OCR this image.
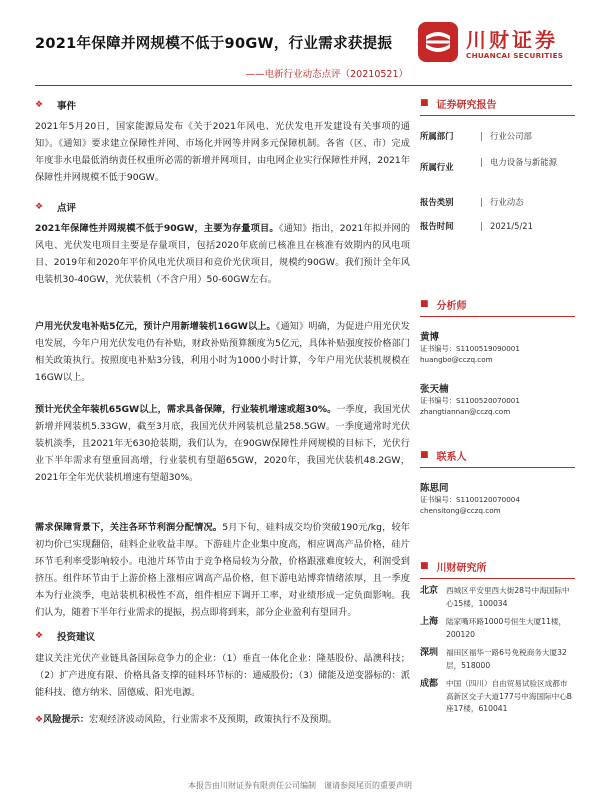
2021年保障并网规模不低于90GW，行业需求获提振	川财证券
CHUANCAI SECURITIES
——电新行业动态点评（20210521）
❖	事件

2021年5月20日，国家能源局发布《关于2021年风电、光伏发电开发建设有关事项的通知》。《通知》要求建立保障性并网、市场化并网等并网多元保障机制。各省（区、市）完成年度非水电最低消纳责任权重所必需的新增并网项目，由电网企业实行保障性并网，2021年保障性并网规模不低于90GW。

❖	点评

2021年保障性并网规模不低于90GW，主要为存量项目。《通知》指出，2021年拟并网的风电、光伏发电项目主要是存量项目，包括2020年底前已核准且在核准有效期内的风电项目、2019年和2020年平价风电光伏项目和竞价光伏项目，规模约90GW。我们预计全年风电装机30-40GW，光伏装机（不含户用）50-60GW左右。

户用光伏发电补贴5亿元，预计户用新增装机16GW以上。《通知》明确，为促进户用光伏发电发展，今年户用光伏发电仍有补贴，财政补贴预算额度为5亿元，具体补贴强度按价格部门相关政策执行。按照度电补贴3分钱，利用小时为1000小时计算，今年户用光伏装机规模在16GW以上。

预计光伏全年装机65GW以上，需求具备保障，行业装机增速或超30%。一季度，我国光伏新增并网装机5.33GW，截至3月底，我国光伏并网装机总量258.5GW。一季度通常时光伏装机淡季，且2021年无630抢装期，我们认为，在90GW保障性并网规模的目标下，光伏行业下半年需求有望重回高增，行业装机有望超65GW，2020年，我国光伏装机48.2GW，2021年全年光伏装机增速有望超30%。

需求保障背景下，关注各环节利润分配情况。5月下旬，硅料成交均价突破190元/kg，较年初均价已实现翻倍，硅料企业收益丰厚。下游硅片企业集中度高，相应调高产品价格，硅片环节毛利率受影响较小。电池片环节由于竞争格局较为分散，价格跟涨难度较大，利润受到挤压。组件环节由于上游价格上涨相应调高产品价格，但下游电站博弈情绪浓厚，且一季度本为行业淡季，电站装机积极性不高，组件相应下调开工率，对业绩形成一定负面影响。我们认为，随着下半年行业需求的提振，拐点即将到来，部分企业盈利有望回升。

❖	投资建议

建议关注光伏产业链具备国际竞争力的企业：（1）垂直一体化企业：隆基股份、晶澳科技；（2）扩产进度有限、价格具备支撑的硅料环节标的：通威股份；（3）储能及逆变器标的：派能科技、德方纳米、固德威、阳光电源。

❖风险提示：宏观经济波动风险，行业需求不及预期，政策执行不及预期。

■ 证券研究报告
所属部门	| 行业公司部
所属行业	| 电力设备与新能源
报告类别	| 行业动态
报告时间	| 2021/5/21
■ 分析师
黄博
证书编号：S1100519090001
huangbo@cczq.com
张天楠
证书编号：S1100520070001
zhangtiannan@cczq.com
■ 联系人
陈思同
证书编号：S1100120070004
chensitong@cczq.com
■ 川财研究所
北京	西城区平安里西大街28号中海国际中心15楼，100034
上海	陆家嘴环路1000号恒生大厦11楼，200120
深圳	福田区福华一路6号免税商务大厦32层，518000
成都	中国（四川）自由贸易试验区成都市高新区交子大道177号中海国际中心B座17楼，610041
本报告由川财证券有限责任公司编制　谨请参阅尾页的重要声明
